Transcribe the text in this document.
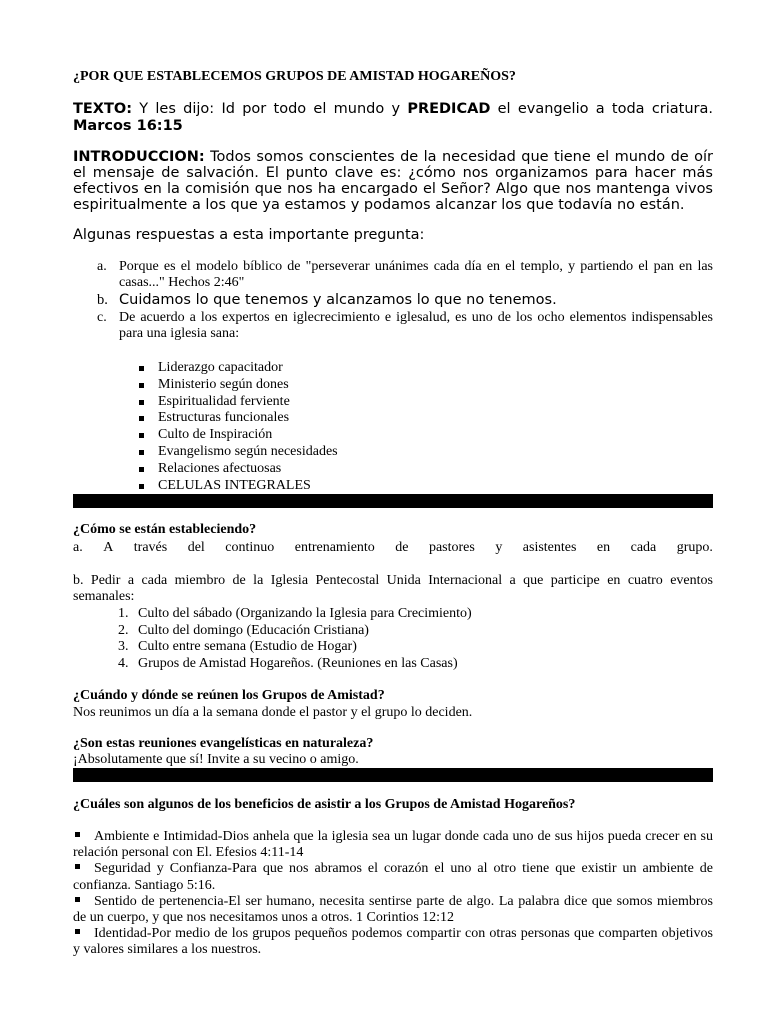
¿POR QUE ESTABLECEMOS GRUPOS DE AMISTAD HOGAREÑOS?
TEXTO: Y les dijo: Id por todo el mundo y PREDICAD el evangelio a toda criatura. Marcos 16:15
INTRODUCCION: Todos somos conscientes de la necesidad que tiene el mundo de oír el mensaje de salvación. El punto clave es: ¿cómo nos organizamos para hacer más efectivos en la comisión que nos ha encargado el Señor? Algo que nos mantenga vivos espiritualmente a los que ya estamos y podamos alcanzar los que todavía no están.
Algunas respuestas a esta importante pregunta:
a. Porque es el modelo bíblico de "perseverar unánimes cada día en el templo, y partiendo el pan en las casas..." Hechos 2:46"
b. Cuidamos lo que tenemos y alcanzamos lo que no tenemos.
c. De acuerdo a los expertos en iglecrecimiento e iglesalud, es uno de los ocho elementos indispensables para una iglesia sana:
Liderazgo capacitador
Ministerio según dones
Espiritualidad ferviente
Estructuras funcionales
Culto de Inspiración
Evangelismo según necesidades
Relaciones afectuosas
CELULAS INTEGRALES
¿Cómo se están estableciendo?
a. A través del continuo entrenamiento de pastores y asistentes en cada grupo.
b. Pedir a cada miembro de la Iglesia Pentecostal Unida Internacional a que participe en cuatro eventos semanales:
1. Culto del sábado (Organizando la Iglesia para Crecimiento)
2. Culto del domingo (Educación Cristiana)
3. Culto entre semana (Estudio de Hogar)
4. Grupos de Amistad Hogareños. (Reuniones en las Casas)
¿Cuándo y dónde se reúnen los Grupos de Amistad?
Nos reunimos un día a la semana donde el pastor y el grupo lo deciden.
¿Son estas reuniones evangelísticas en naturaleza?
¡Absolutamente que sí! Invite a su vecino o amigo.
¿Cuáles son algunos de los beneficios de asistir a los Grupos de Amistad Hogareños?

Ambiente e Intimidad-Dios anhela que la iglesia sea un lugar donde cada uno de sus hijos pueda crecer en su relación personal con El. Efesios 4:11-14

Seguridad y Confianza-Para que nos abramos el corazón el uno al otro tiene que existir un ambiente de confianza. Santiago 5:16.

Sentido de pertenencia-El ser humano, necesita sentirse parte de algo. La palabra dice que somos miembros de un cuerpo, y que nos necesitamos unos a otros. 1 Corintios 12:12

Identidad-Por medio de los grupos pequeños podemos compartir con otras personas que comparten objetivos y valores similares a los nuestros.
